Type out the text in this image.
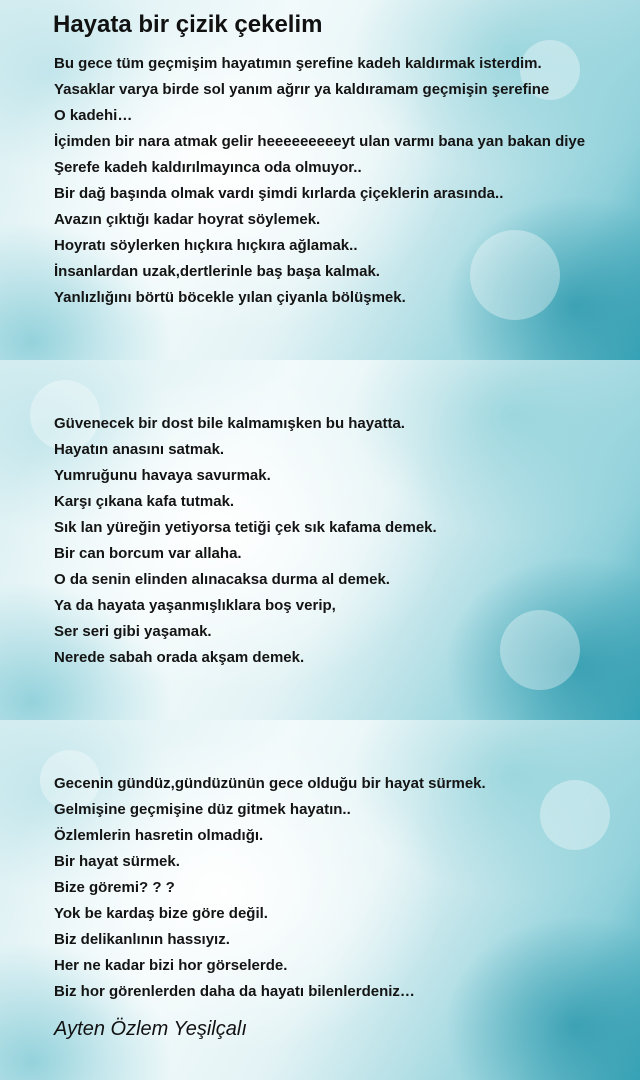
Hayata bir çizik çekelim
Bu gece tüm geçmişim hayatımın şerefine kadeh kaldırmak isterdim.
Yasaklar varya birde sol yanım ağrır ya kaldıramam geçmişin şerefine
O kadehi…
İçimden bir nara atmak gelir heeeeeeeeeyt ulan varmı bana yan bakan diye
Şerefe kadeh kaldırılmayınca oda olmuyor..
Bir dağ başında olmak vardı şimdi kırlarda çiçeklerin arasında..
Avazın çıktığı kadar hoyrat söylemek.
Hoyratı söylerken hıçkıra hıçkıra ağlamak..
İnsanlardan uzak,dertlerinle baş başa kalmak.
Yanlızlığını börtü böcekle yılan çiyanla bölüşmek.
Güvenecek bir dost bile kalmamışken bu hayatta.
Hayatın anasını satmak.
Yumruğunu havaya savurmak.
Karşı çıkana kafa tutmak.
Sık lan yüreğin yetiyorsa tetiği çek sık kafama demek.
Bir can borcum var allaha.
O da senin elinden alınacaksa durma al demek.
Ya da hayata yaşanmışlıklara boş verip,
Ser seri gibi yaşamak.
Nerede sabah orada akşam demek.
Gecenin gündüz,gündüzünün gece olduğu bir hayat sürmek.
Gelmişine geçmişine düz gitmek hayatın..
Özlemlerin hasretin olmadığı.
Bir hayat sürmek.
Bize göremi? ? ?
Yok be kardaş bize göre değil.
Biz delikanlının hassıyız.
Her ne kadar bizi hor görselerde.
Biz hor görenlerden daha da hayatı bilenlerdeniz…
Ayten Özlem Yeşilçalı
